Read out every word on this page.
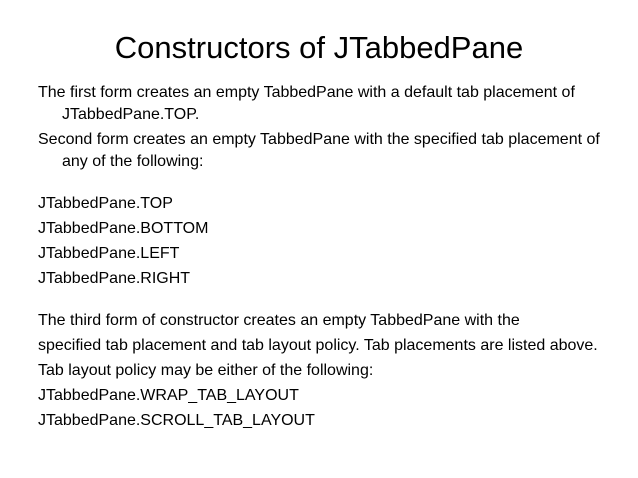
Constructors of JTabbedPane

The first form creates an empty TabbedPane with a default tab placement of JTabbedPane.TOP.

Second form creates an empty TabbedPane with the specified tab placement of any of the following:

JTabbedPane.TOP

JTabbedPane.BOTTOM

JTabbedPane.LEFT

JTabbedPane.RIGHT

The third form of constructor creates an empty TabbedPane with the

specified tab placement and tab layout policy. Tab placements are listed above.

Tab layout policy may be either of the following:

JTabbedPane.WRAP_TAB_LAYOUT

JTabbedPane.SCROLL_TAB_LAYOUT
